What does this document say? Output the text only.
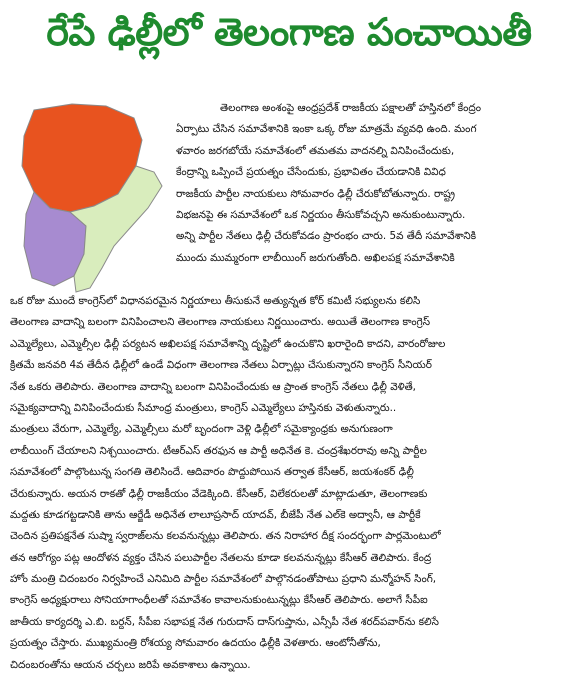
రేపే ఢిల్లీలో తెలంగాణ పంచాయితీ
తెలంగాణ అంశంపై ఆంధ్రప్రదేశ్ రాజకీయ పక్షాలతో హస్తినలో కేంద్రం
ఏర్పాటు చేసిన సమావేశానికి ఇంకా ఒక్క రోజు మాత్రమే వ్యవధి ఉంది. మంగ
ళవారం జరగబోయే సమావేశంలో తమతమ వాదనల్ని వినిపించేందుకు,
కేంద్రాన్ని ఒప్పించే ప్రయత్నం చేసేందుకు, ప్రభావితం చేయడానికి వివిధ
రాజకీయ పార్టీల నాయకులు సోమవారం ఢిల్లీ చేరుకోబోతున్నారు. రాష్ట్ర
విభజనపై ఈ సమావేశంలో ఒక నిర్ణయం తీసుకోవచ్చని అనుకుంటున్నారు.
అన్ని పార్టీల నేతలు ఢిల్లీ చేరుకోవడం ప్రారంభం చారు. 5వ తేదీ సమావేశానికి
ముందు ముమ్మరంగా లాబీయింగ్ జరుగుతోంది. అఖిలపక్ష సమావేశానికి
ఒక రోజు ముందే కాంగ్రెస్‌లో విధానపరమైన నిర్ణయాలు తీసుకునే అత్యున్నత కోర్ కమిటీ సభ్యులను కలిసి
తెలంగాణ వాదాన్ని బలంగా వినిపించాలని తెలంగాణ నాయకులు నిర్ణయించారు. అయితే తెలంగాణ కాంగ్రెస్
ఎమ్మెల్యేలు, ఎమ్మెల్సీల ఢిల్లీ పర్యటన అఖిలపక్ష సమావేశాన్ని దృష్టిలో ఉంచుకొని ఖరారైంది కాదని, వారంరోజుల
క్రితమే జనవరి 4వ తేదీన ఢిల్లీలో ఉండే విధంగా తెలంగాణ నేతలు ఏర్పాట్లు చేసుకున్నారని కాంగ్రెస్ సీనియర్
నేత ఒకరు తెలిపారు. తెలంగాణ వాదాన్ని బలంగా వినిపించేందుకు ఆ ప్రాంత కాంగ్రెస్ నేతలు ఢిల్లీ వెళితే,
సమైక్యవాదాన్ని వినిపించేందుకు సీమాంధ్ర మంత్రులు, కాంగ్రెస్ ఎమ్మెల్యేలు హస్తినకు వెళుతున్నారు..
మంత్రులు వేరుగా, ఎమ్మెల్యే, ఎమ్మెల్సీలు మరో బృందంగా వెళ్లి ఢిల్లీలో సమైక్యాంధ్రకు అనుగుణంగా
లాబీయింగ్ చేయాలని నిశ్చయించారు. టీఆర్ఎస్ తరఫున ఆ పార్టీ అధినేత కె. చంద్రశేఖరరావు అన్ని పార్టీల
సమావేశంలో పాల్గొంటున్న సంగతి తెలిసిందే. ఆదివారం పొద్దుపోయిన తర్వాత కేసీఆర్, జయశంకర్ ఢిల్లీ
చేరుకున్నారు. అయన రాకతో ఢిల్లీ రాజకీయం వేడెక్కింది. కేసీఆర్, విలేకరులతో మాట్లాడుతూ, తెలంగాణకు
మద్దతు కూడగట్టడానికి తాను ఆర్జేడీ అధినేత లాలూప్రసాద్ యాదవ్, బీజేపీ నేత ఎల్‌కె అద్వానీ, ఆ పార్టీకే
చెందిన ప్రతిపక్షనేత సుష్మా స్వరాజ్‌లను కలవనున్నట్లు తెలిపారు. తన నిరాహార దీక్ష సందర్భంగా పార్లమెంటులో
తన ఆరోగ్యం పట్ల ఆందోళన వ్యక్తం చేసిన పలుపార్టీల నేతలను కూడా కలవనున్నట్లు కేసీఆర్ తెలిపారు. కేంద్ర
హోం మంత్రి చిదంబరం నిర్వహించే ఎనిమిది పార్టీల సమావేశంలో పాల్గొనడంతోపాటు ప్రధాని మన్మోహన్ సింగ్,
కాంగ్రెస్ అధ్యక్షురాలు సోనియాగాంధీలతో సమావేశం కావాలనుకుంటున్నట్లు కేసీఆర్ తెలిపారు. అలాగే సీపీఐ
జాతీయ కార్యదర్శి ఎ.బి. బర్దన్, సీపీఐ సభాపక్ష నేత గురుదాస్ దాస్‌గుప్తాను, ఎన్సీపీ నేత శరద్‌పవార్‌ను కలిసే
ప్రయత్నం చేస్తారు. ముఖ్యమంత్రి రోశయ్య సోమవారం ఉదయం ఢిల్లీకి వెళతారు. ఆంటోనీతోను,
చిదంబరంతోను ఆయన చర్చలు జరిపే అవకాశాలు ఉన్నాయి.
